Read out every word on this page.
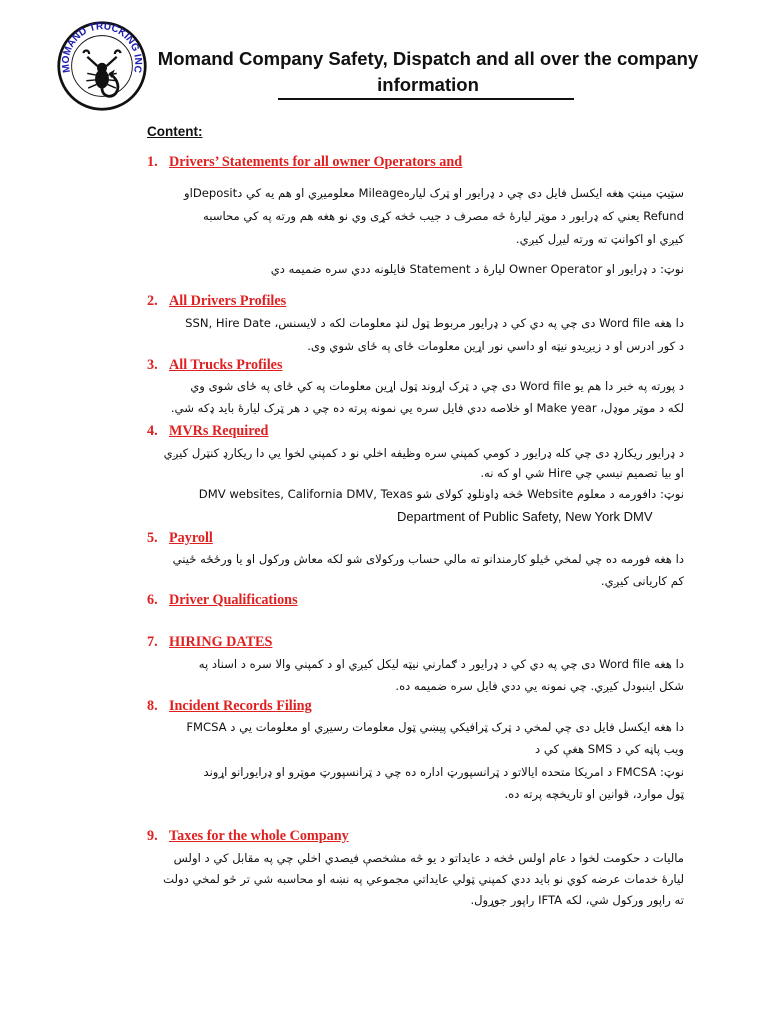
MOMAND TRUCKING INC
Momand Company Safety, Dispatch and all over the company
information
Content:
1. Drivers’ Statements for all owner Operators and
سټيټ مينټ هغه ايکسل فايل دی چي د ډرايور او ټرک ليارهMileage معلوميږي او هم يه کي دDepositاو
Refund يعني که ډرايور د موټر ليارهٔ څه مصرف د جيب څخه کړی وي نو هغه هم ورته په کي محاسبه
کيږي او اکوانټ ته ورته ليږل کيږي.
نوټ: د ډرايور او Owner Operator ليارهٔ د Statement فايلونه ددي سره ضميمه دي
2. All Drivers Profiles
دا هغه Word file دی چي په دي کي د ډرايور مربوط ټول لنډ معلومات لکه د لايسنس، SSN, Hire Date
د کور ادرس او د زيږيدو نيټه او داسي نور اړين معلومات ځاى په ځاى شوي وى.
3. All Trucks Profiles
د پورته په خبر دا هم يو Word file دی چي د ټرک اړوند ټول اړين معلومات په کي ځاى په ځاى شوی وي
لکه د موټر موډل، Make year او خلاصه ددي فايل سره يي نمونه پرته ده چي د هر ټرک ليارهٔ بايد ډکه شي.
4. MVRs Required
د ډرايور ريکارډ دی چي کله ډرايور د کومي کمپني سره وظيفه اخلي نو د کمپني لخوا يي دا ريکارډ کنټرل کيږي
او بيا تصميم نيسي چي Hire شي او که نه.
نوټ: دافورمه د معلوم Website څخه ډاونلوډ کولاى شو DMV websites, California DMV, Texas
Department of Public Safety, New York DMV
5. Payroll
دا هغه فورمه ده چي لمخي ځيلو کارمندانو ته مالي حساب ورکولاى شو لکه معاش ورکول او يا ورځځه ځيني
کم کاريانی کيږي.
6. Driver Qualifications
7. HIRING DATES
دا هغه Word file دی چي په دي کي د ډرايور د ګمارني نيټه ليکل کيږي او د کمپني والا سره د اسناد په
شکل اينبودل کيږي. چي نمونه يي ددي فايل سره ضميمه ده.
8. Incident Records Filing
دا هغه ايکسل فايل دی چي لمخي د ټرک ټرافيکي پيښي ټول معلومات رسيږي او معلومات يي د FMCSA
ويب پاڼه کي د SMS هغې کي د
نوټ: FMCSA د امريکا متحده ايالاتو د ټرانسپورټ اداره ده چي د ټرانسپورټ موټرو او ډرايورانو اړوند
ټول موارد، قوانين او تاريخچه پرته ده.
9. Taxes for the whole Company
ماليات د حکومت لخوا د عام اولس څخه د عايداتو د يو څه مشخصې فيصدي اخلي چي په مقابل کي د اولس
ليارهٔ خدمات عرضه کوي نو بايد ددي کمپني ټولي عايداتي مجموعي په نښه او محاسبه شي تر څو لمخي دولت
ته راپور ورکول شي، لکه IFTA راپور جوړول.
